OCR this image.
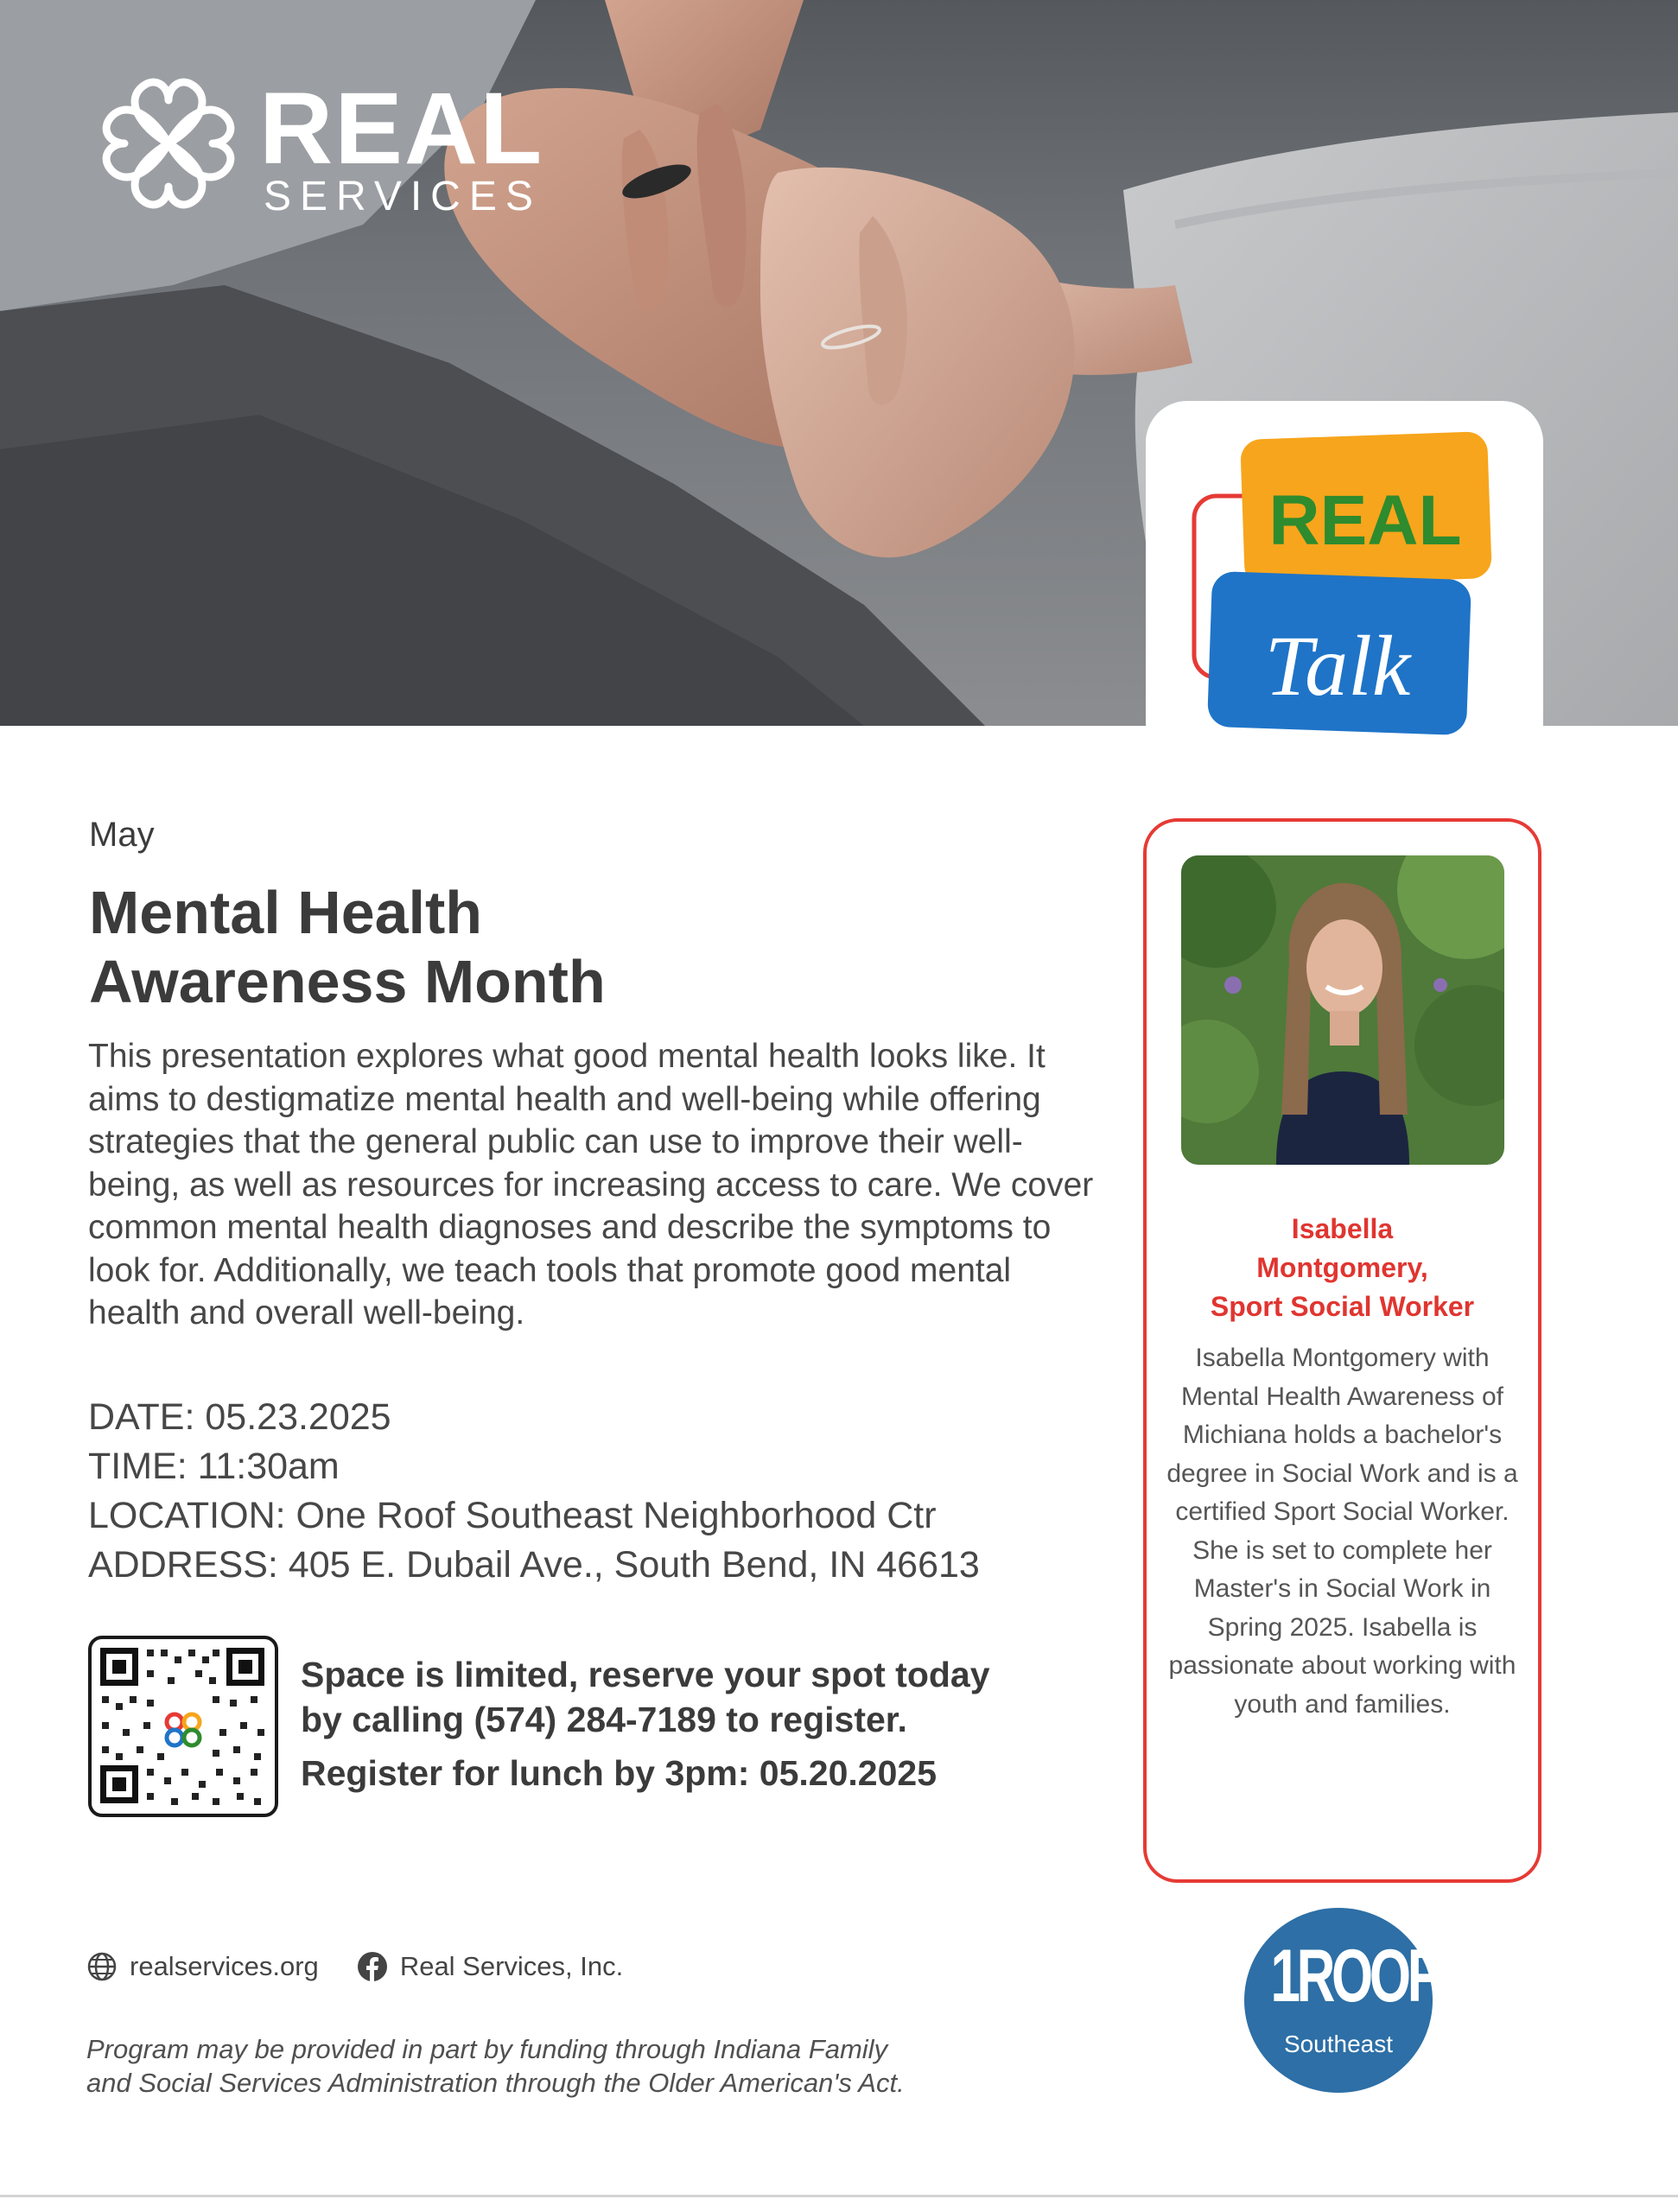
REAL
SERVICES
REAL
Talk
May
Mental Health
Awareness Month
This presentation explores what good mental health looks like. It aims to destigmatize mental health and well-being while offering strategies that the general public can use to improve their well-being, as well as resources for increasing access to care. We cover common mental health diagnoses and describe the symptoms to look for. Additionally, we teach tools that promote good mental health and overall well-being.
DATE: 05.23.2025
TIME: 11:30am
LOCATION: One Roof Southeast Neighborhood Ctr
ADDRESS: 405 E. Dubail Ave., South Bend, IN 46613
Space is limited, reserve your spot today
by calling (574) 284-7189 to register.
Register for lunch by 3pm: 05.20.2025
Isabella
Montgomery,
Sport Social Worker
Isabella Montgomery with Mental Health Awareness of Michiana holds a bachelor's degree in Social Work and is a certified Sport Social Worker. She is set to complete her Master's in Social Work in Spring 2025. Isabella is passionate about working with youth and families.
realservices.org	Real Services, Inc.
Program may be provided in part by funding through Indiana Family
and Social Services Administration through the Older American's Act.
1ROOF
Southeast
